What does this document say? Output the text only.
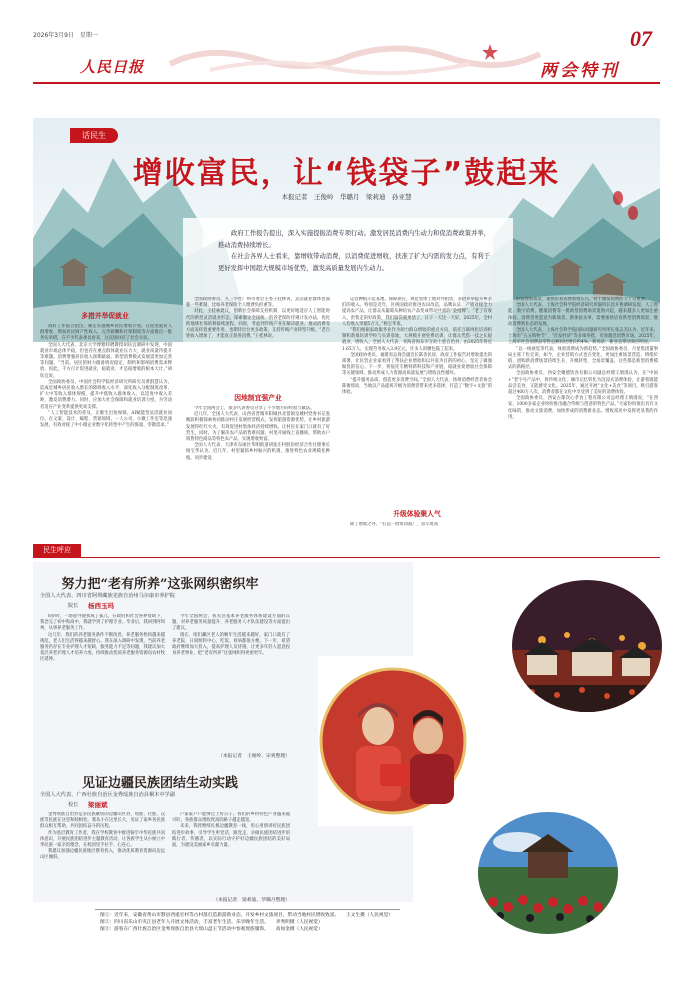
2026年3月9日　星期一	07
人民日报	两会特刊
话民生
增收富民，让“钱袋子”鼓起来
本报记者　王俊岭　华璐月　梁莉迪　孙亚慧
政府工作报告提出，深入实施提振消费专项行动。激发居民消费内生动力和促消费政策并举，推动消费持续增长。
在社会各界人士看来，靠增收带动消费，以消费促进增收，扶准了扩大内需的发力点，有利于更好发挥中国超大规模市场优势，激发高质量发展内生动力。
多措并举促就业
政府工作报告指出，制定实施城乡居民增收计划。在促进就业人群增收、增加居民财产性收入、完善薪酬和社保制度等方面推出一批务实举措，在不少代表委员看来，这直接回应了社会关切。
全国人大代表、北京大学博雅特聘教授胡钰宜调研中发现，中国就业市场总体平稳，但也存在重点群体就业压力大、就业质量待提升等难题。消费增强居民收入预期最弱，新型消费模式发展需更加完善等问题。“当前，居民的财力储备情况稳定，制约和影响消费需求释放。因此，千方百计促进就业，稳就业，才是稳增收的根本大计。”胡钰宜说。
全国政协委员、中国社会科学院经济研究所研究员黄群慧认为，造成近城乡居民收入增长的障碍收入水平，深化收入分配制度改革，扩大中等收入群体规模，提升中低收入群体收入，以适度中收入差距、激发消费潜力。同时，应加大社会保障和就业培训力度，为劳动者适应产业变革提供更高支撑。
“人工智能技术的普及，正催生出短视频、AI赋能型灵活就业岗位。在文案、设计、编程、营销领域，一人公司、小微工作室等迅速发展，有效对接了中小微企业数字化转型中产生的海量、零散需求。”
全国政协委员、九三学社广州市委会主委王桂林说，灵活就业群体也面临一些难题，比如养老保险个人缴费负担重等。
对此，王桂林建议，创新社会保障支持机制，以更好地适应人工智能时代的新型灵活就业形态，探索制定全国统一的养老保险待遇计发办法，优化跨地域社保转移接续流程。同时，考虑到传统产业在解决就业、推动消费等方面发挥着重要作用，也期待出台更多政策，支持传统产业转型升级。“老百姓收入增加了，才能真正促进消费。”王桂林说。
因地制宜强产业
今年全国两会上，很多代表委员分享了不少地方的经验与做法。
近几年，全国人大代表、山西省晋城市阳城县北留镇皇城村党委书记张晚段积极探索协同推动村庄发展经营模式，发挥旅游资源优势，让乡村旅游发展得红红火火，有效促进村集体经济持续增收。让村民在家门口就有了好营生。同时，为了解决农产品销售难问题，村里开通线上直播间，帮助农户销售特色商品等特色农产品，实现增收致富。
全国人大代表、天津市东丽区华明街道胡张庄村股份经济合作社理事长杨宝华认为，近几年，村里紧抓乡村振兴的机遇，推进特色农业规模化种植，同步建设
运营种植示范基地，保障供应，规范集体土地对外租赁，多措并举提升乡亲们的收入。特别是近年，区两国政府推进农田改造，品牌认证，产销对接全力提高农产品，让群众从葡萄从种培农产品变成带动共富的“金招牌”。“老了有收入，贵我走的好政策，我们脑袋就更活了，日子一天比一天好，2025年，全村人均收入突破5万元。”杨宝华说。
“我们根据家政服务业作为助力群众增收的重点方向，依托互联网化培训机制和新推培训学校与实训基地，大规模开展免费培训，让群众凭借一技之长稳就业、增收入。全国人大代表、青海省海东市互助土族自治县，由2025年将近1.65万人，实现劳务收入3.9亿元，许多人的腰包鼓了起来。
全国政协委员、福建省总商会副会长陈善民说，政府工作报告对增收提出的部署，让民营企业家看到了帮扶企业增收和以共富为目的的初心，坚定了做强做优的信心。下一步，将依托专精特新科技和产业链，稳就业促增收社会保障等关键领域，推动形成人力资源高质量发展与增收良性循环。
“提升服务品质，创造更多消费空间。”全国人大代表，扬州消费经营者协会陈俊琦说，当地以产品提质升级为消费者带来更多选择，打造了“数字+文旅”的体验。
升级体验聚人气
除了增收之外，“打造一批带动面广、显示度高
的消费新场景，加快培育消费新增长点。”对于激发消费活力十分重要。
全国人大代表、上海社会科学院经济研究所副所长沈开艳调研发现，人工智能、数字消费、健康消费等一批新型消费场景蓬勃兴起，越来越多人更加注重体验。消费者更愿意为新场景、新体验买单，需要加快培育新型消费场景，推动消费新业态的发展。
全国人大代表、上海社会科学院国际问题研究所所长张志杰认为，近年来，上海市“五五购物节”、“首发经济”等多项举措，有效激活消费市场。2025年，上海市社会消费品零售总额同比增长约4%，新场景、新业态带动效应明显。
“以一线视觉等代表，体验消费成为新趋势。”全国政协委员、月星集团董事局主席丁佐宏说，如今，企业营销方式也在变化，更加注重场景营造、情绪价值，团购新消费场景持续生长、升级转型、全场景覆盖，这些都是新型消费模式的新路径。
全国政协委员、西安全聚德饮食有限公司副总经理王婧漫认为，在“中国+”老字号产品中，将传统文化、城市记忆转化为沉浸式消费体验，让游客既能品尝美食，又能感受文化。2025年，通过开展“文化+美食”等项目，吸引游客超过400万人次，消费者都在文化中享受到了美好的消费体验。
全国政协委员、西安古都饮心孝食工程有限公司总经理王婧漫说，“在西安，1000多家企业纷纷推出融合传统与创意的特色产品。”大家纷纷推出具有文化味的，推动文旅消费，加快形成的消费新业态。增收富民中发挥更显著的作用。
民生呼应
努力把“老有所养”这张网织密织牢
全国人大代表、四川省阿坝藏族羌族自治州马尔康市养护院
院长 杨西玉玛
8岁时，一场意外使我成了孤儿，在政府和社会各界资助下，我念完了初中和高中，我就学到了护理专业。毕业后，我回到阿坝州，从事养老服务工作。
这几年，我们的养老服务条件不断改善，养老服务机构越来越规范，老人们生活得越来越舒心。我在深入调研中发现，当前养老服务仍存在专业护理人才短缺、服务能力不足等问题，我建议加大基层养老护理人才培养力度，持续推动优质养老服务资源向农村牧区延伸。
今年全国两会，我关注基本养老服务体系建设方面的议题，对养老服务质量提升、养老服务人才队伍建设等方面提出了建议。
现在，咱们藏区老人的晚年生活越来越好，家门口就有了养老院、日间照料中心，吃饭、看病都很方便。下一步，希望政府继续加大投入，提高护理人员待遇，让更多年轻人愿意投身养老事业，把“老有所养”这张网织得更密更牢。
（本报记者　王俊岭、宋爽整理）
见证边疆民族团结生动实践
全国人大代表、广西壮族自治区金秀瑶族自治县桐木中学副
校长 梁丽斌
金秀瑶族自治县是多民族聚居的边疆山区县，瑶族、壮族、汉族等民族在这里和睦相处。我从小在这里长大，见证了家乡各民族群众相互帮助、共同团结奋斗的历程。
作为基层教育工作者，我在学校教育中推进铸牢中华民族共同体意识，开展民族团结进步主题教育活动，让各族学生从小树立中华民族一家亲的理念，在校园里手拉手、心连心。
我建议加强边疆民族地区教育投入，推动优质教育资源向边远山区倾斜。
户家家户户能够过上好日子。我们的乡村特色产业越来越兴旺，各族群众增收致富的路子越走越宽。
未来，我将继续扎根边疆教育一线，用心用情讲好民族团结进步故事，引导学生听党话、跟党走，争做民族团结进步的践行者、传播者，以实际行动守护好边疆民族团结的美好局面，为建设美丽家乡贡献力量。
（本报记者　梁莉迪、华璐月整理）
1
图①：近年来，安徽省黄山市黟县西递宏村等古村落打造旅游新业态，开发乡村文旅项目，带动当地村民增收致富。　　王文生摄（人民视觉）
图②：四川省乐山市夹江县老年人开展文体活动，丰富老年生活，乐享晚年生活。　　李秀明摄（人民视觉）
图③：游客在广西壮族自治区金秀瑶族自治县大瑶山盘王节活动中参观瑶族服饰。　　高如金摄（人民视觉）
